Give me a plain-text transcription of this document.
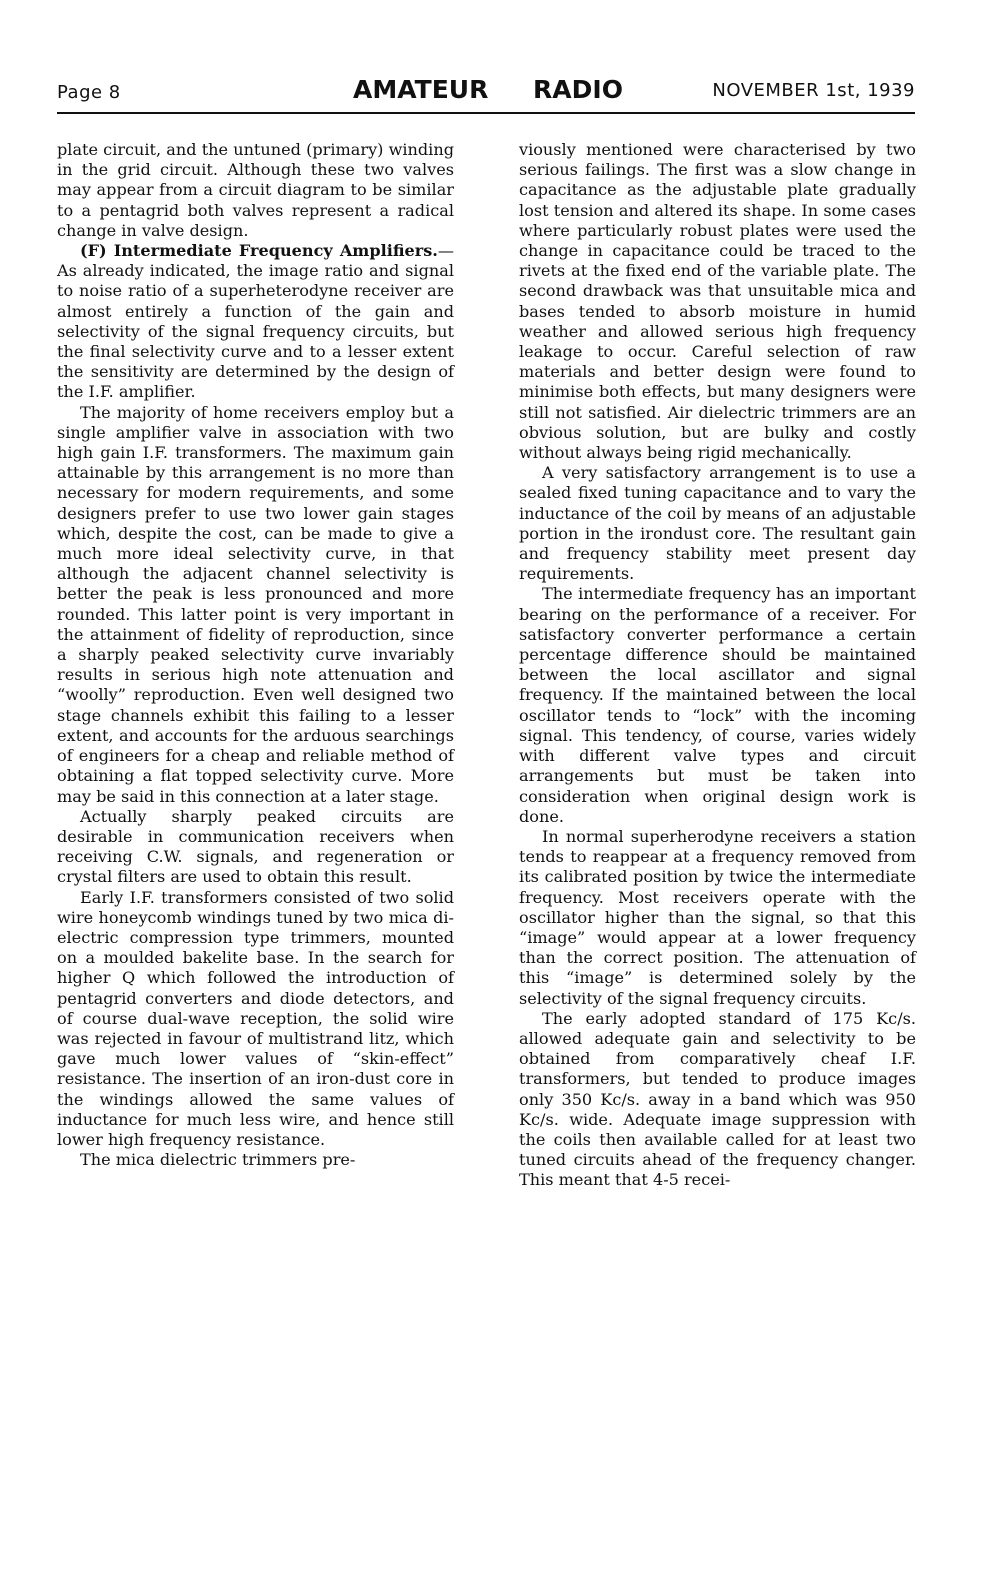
Page 8	AMATEUR RADIO	NOVEMBER 1st, 1939

plate circuit, and the untuned (primary) winding in the grid circuit. Although these two valves may appear from a circuit diagram to be similar to a pentagrid both valves represent a radical change in valve design.

(F) Intermediate Frequency Amplifiers.—As already indicated, the image ratio and signal to noise ratio of a superheterodyne receiver are almost entirely a function of the gain and selectivity of the signal frequency circuits, but the final selectivity curve and to a lesser extent the sensitivity are determined by the design of the I.F. amplifier.

The majority of home receivers employ but a single amplifier valve in association with two high gain I.F. transformers. The maximum gain attainable by this arrangement is no more than necessary for modern requirements, and some designers prefer to use two lower gain stages which, despite the cost, can be made to give a much more ideal selectivity curve, in that although the adjacent channel selectivity is better the peak is less pronounced and more rounded. This latter point is very important in the attainment of fidelity of reproduction, since a sharply peaked selectivity curve invariably results in serious high note attenuation and “woolly” reproduction. Even well designed two stage channels exhibit this failing to a lesser extent, and accounts for the arduous searchings of engineers for a cheap and reliable method of obtaining a flat topped selectivity curve. More may be said in this connection at a later stage.

Actually sharply peaked circuits are desirable in communication receivers when receiving C.W. signals, and regeneration or crystal filters are used to obtain this result.

Early I.F. transformers consisted of two solid wire honeycomb windings tuned by two mica di-electric compression type trimmers, mounted on a moulded bakelite base. In the search for higher Q which followed the introduction of pentagrid converters and diode detectors, and of course dual-wave reception, the solid wire was rejected in favour of multistrand litz, which gave much lower values of “skin-effect” resistance. The insertion of an iron-dust core in the windings allowed the same values of inductance for much less wire, and hence still lower high frequency resistance.

The mica dielectric trimmers pre-

viously mentioned were characterised by two serious failings. The first was a slow change in capacitance as the adjustable plate gradually lost tension and altered its shape. In some cases where particularly robust plates were used the change in capacitance could be traced to the rivets at the fixed end of the variable plate. The second drawback was that unsuitable mica and bases tended to absorb moisture in humid weather and allowed serious high frequency leakage to occur. Careful selection of raw materials and better design were found to minimise both effects, but many designers were still not satisfied. Air dielectric trimmers are an obvious solution, but are bulky and costly without always being rigid mechanically.

A very satisfactory arrangement is to use a sealed fixed tuning capacitance and to vary the inductance of the coil by means of an adjustable portion in the irondust core. The resultant gain and frequency stability meet present day requirements.

The intermediate frequency has an important bearing on the performance of a receiver. For satisfactory converter performance a certain percentage difference should be maintained between the local ascillator and signal frequency. If the maintained between the local oscillator tends to “lock” with the incoming signal. This tendency, of course, varies widely with different valve types and circuit arrangements but must be taken into consideration when original design work is done.

In normal superherodyne receivers a station tends to reappear at a frequency removed from its calibrated position by twice the intermediate frequency. Most receivers operate with the oscillator higher than the signal, so that this “image” would appear at a lower frequency than the correct position. The attenuation of this “image” is determined solely by the selectivity of the signal frequency circuits.

The early adopted standard of 175 Kc/s. allowed adequate gain and selectivity to be obtained from comparatively cheaf I.F. transformers, but tended to produce images only 350 Kc/s. away in a band which was 950 Kc/s. wide. Adequate image suppression with the coils then available called for at least two tuned circuits ahead of the frequency changer. This meant that 4-5 recei-
